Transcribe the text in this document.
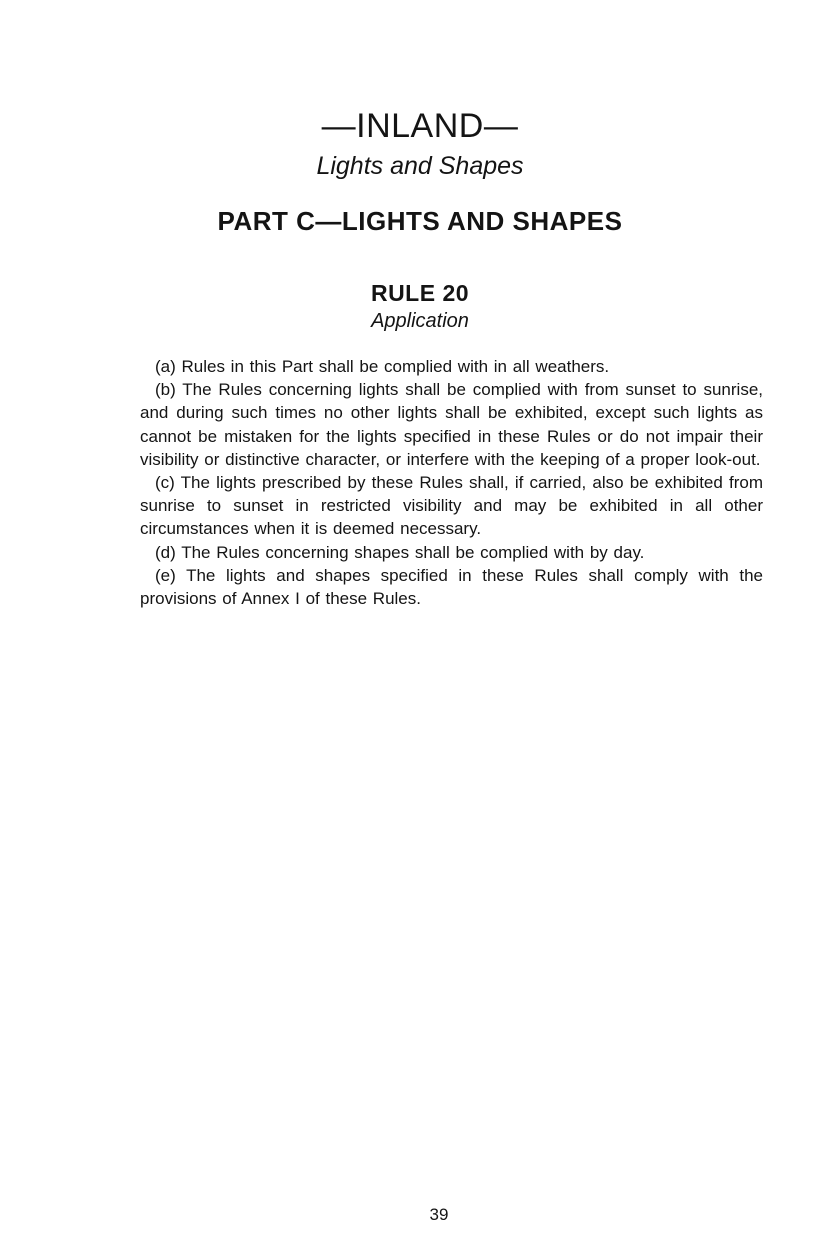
—INLAND—
Lights and Shapes
PART C—LIGHTS AND SHAPES
RULE 20
Application

(a) Rules in this Part shall be complied with in all weathers.

(b) The Rules concerning lights shall be complied with from sunset to sunrise, and during such times no other lights shall be exhibited, except such lights as cannot be mistaken for the lights specified in these Rules or do not impair their visibility or distinctive character, or interfere with the keeping of a proper look-out.

(c) The lights prescribed by these Rules shall, if carried, also be exhibited from sunrise to sunset in restricted visibility and may be exhibited in all other circumstances when it is deemed necessary.

(d) The Rules concerning shapes shall be complied with by day.

(e) The lights and shapes specified in these Rules shall comply with the provisions of Annex I of these Rules.

39
